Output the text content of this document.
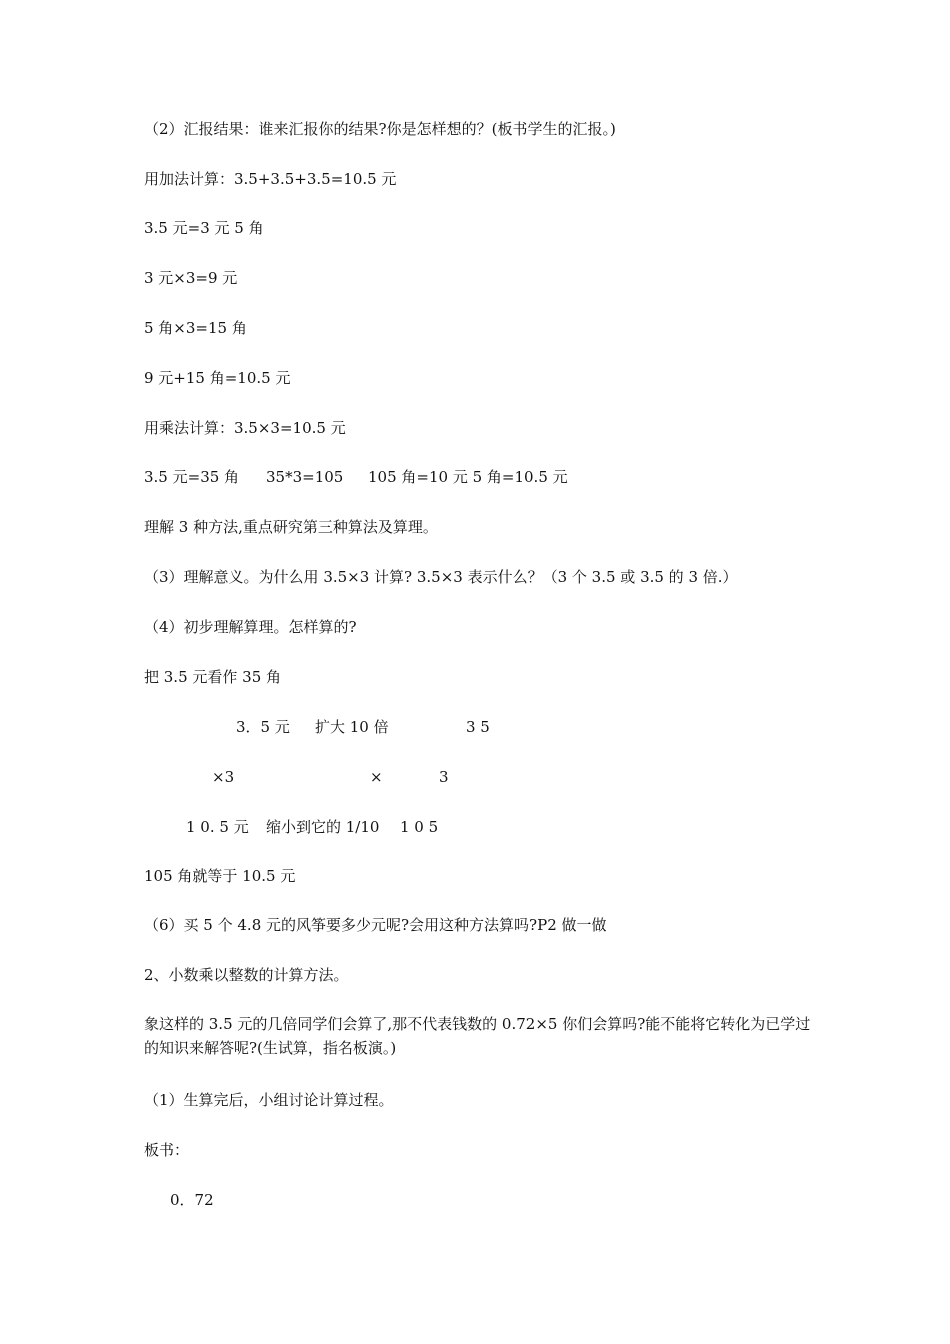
（2）汇报结果：谁来汇报你的结果?你是怎样想的？(板书学生的汇报。)
用加法计算：3.5+3.5+3.5=10.5 元
3.5 元=3 元 5 角
3 元×3=9 元
5 角×3=15 角
9 元+15 角=10.5 元
用乘法计算：3.5×3=10.5 元
3.5 元=35 角 35*3=105 105 角=10 元 5 角=10.5 元
理解 3 种方法,重点研究第三种算法及算理。
（3）理解意义。为什么用 3.5×3 计算? 3.5×3 表示什么？（3 个 3.5 或 3.5 的 3 倍.）
（4）初步理解算理。怎样算的?
把 3.5 元看作 35 角
3．5 元 扩大 10 倍	3 5
×3	×	3
1 0. 5 元 缩小到它的 1/10 1 0 5
105 角就等于 10.5 元
（6）买 5 个 4.8 元的风筝要多少元呢?会用这种方法算吗?P2 做一做
2、小数乘以整数的计算方法。
象这样的 3.5 元的几倍同学们会算了,那不代表钱数的 0.72×5 你们会算吗?能不能将它转化为已学过的知识来解答呢?(生试算，指名板演。)
（1）生算完后，小组讨论计算过程。
板书：
0．72
